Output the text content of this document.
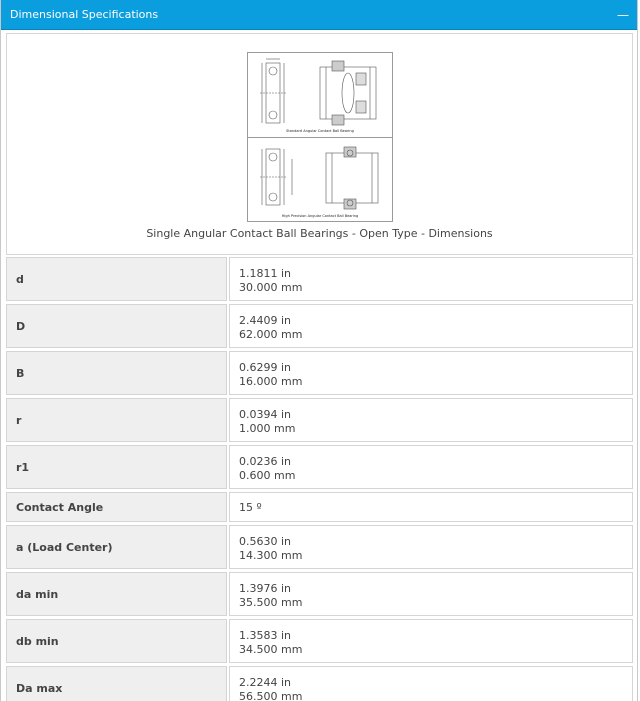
Dimensional Specifications	—
Standard Angular Contact Ball Bearing
High Precision Angular Contact Ball Bearing
Single Angular Contact Ball Bearings - Open Type - Dimensions
d	1.1811 in
30.000 mm
D	2.4409 in
62.000 mm
B	0.6299 in
16.000 mm
r	0.0394 in
1.000 mm
r1	0.0236 in
0.600 mm
Contact Angle	15 º
a (Load Center)	0.5630 in
14.300 mm
da min	1.3976 in
35.500 mm
db min	1.3583 in
34.500 mm
Da max	2.2244 in
56.500 mm
